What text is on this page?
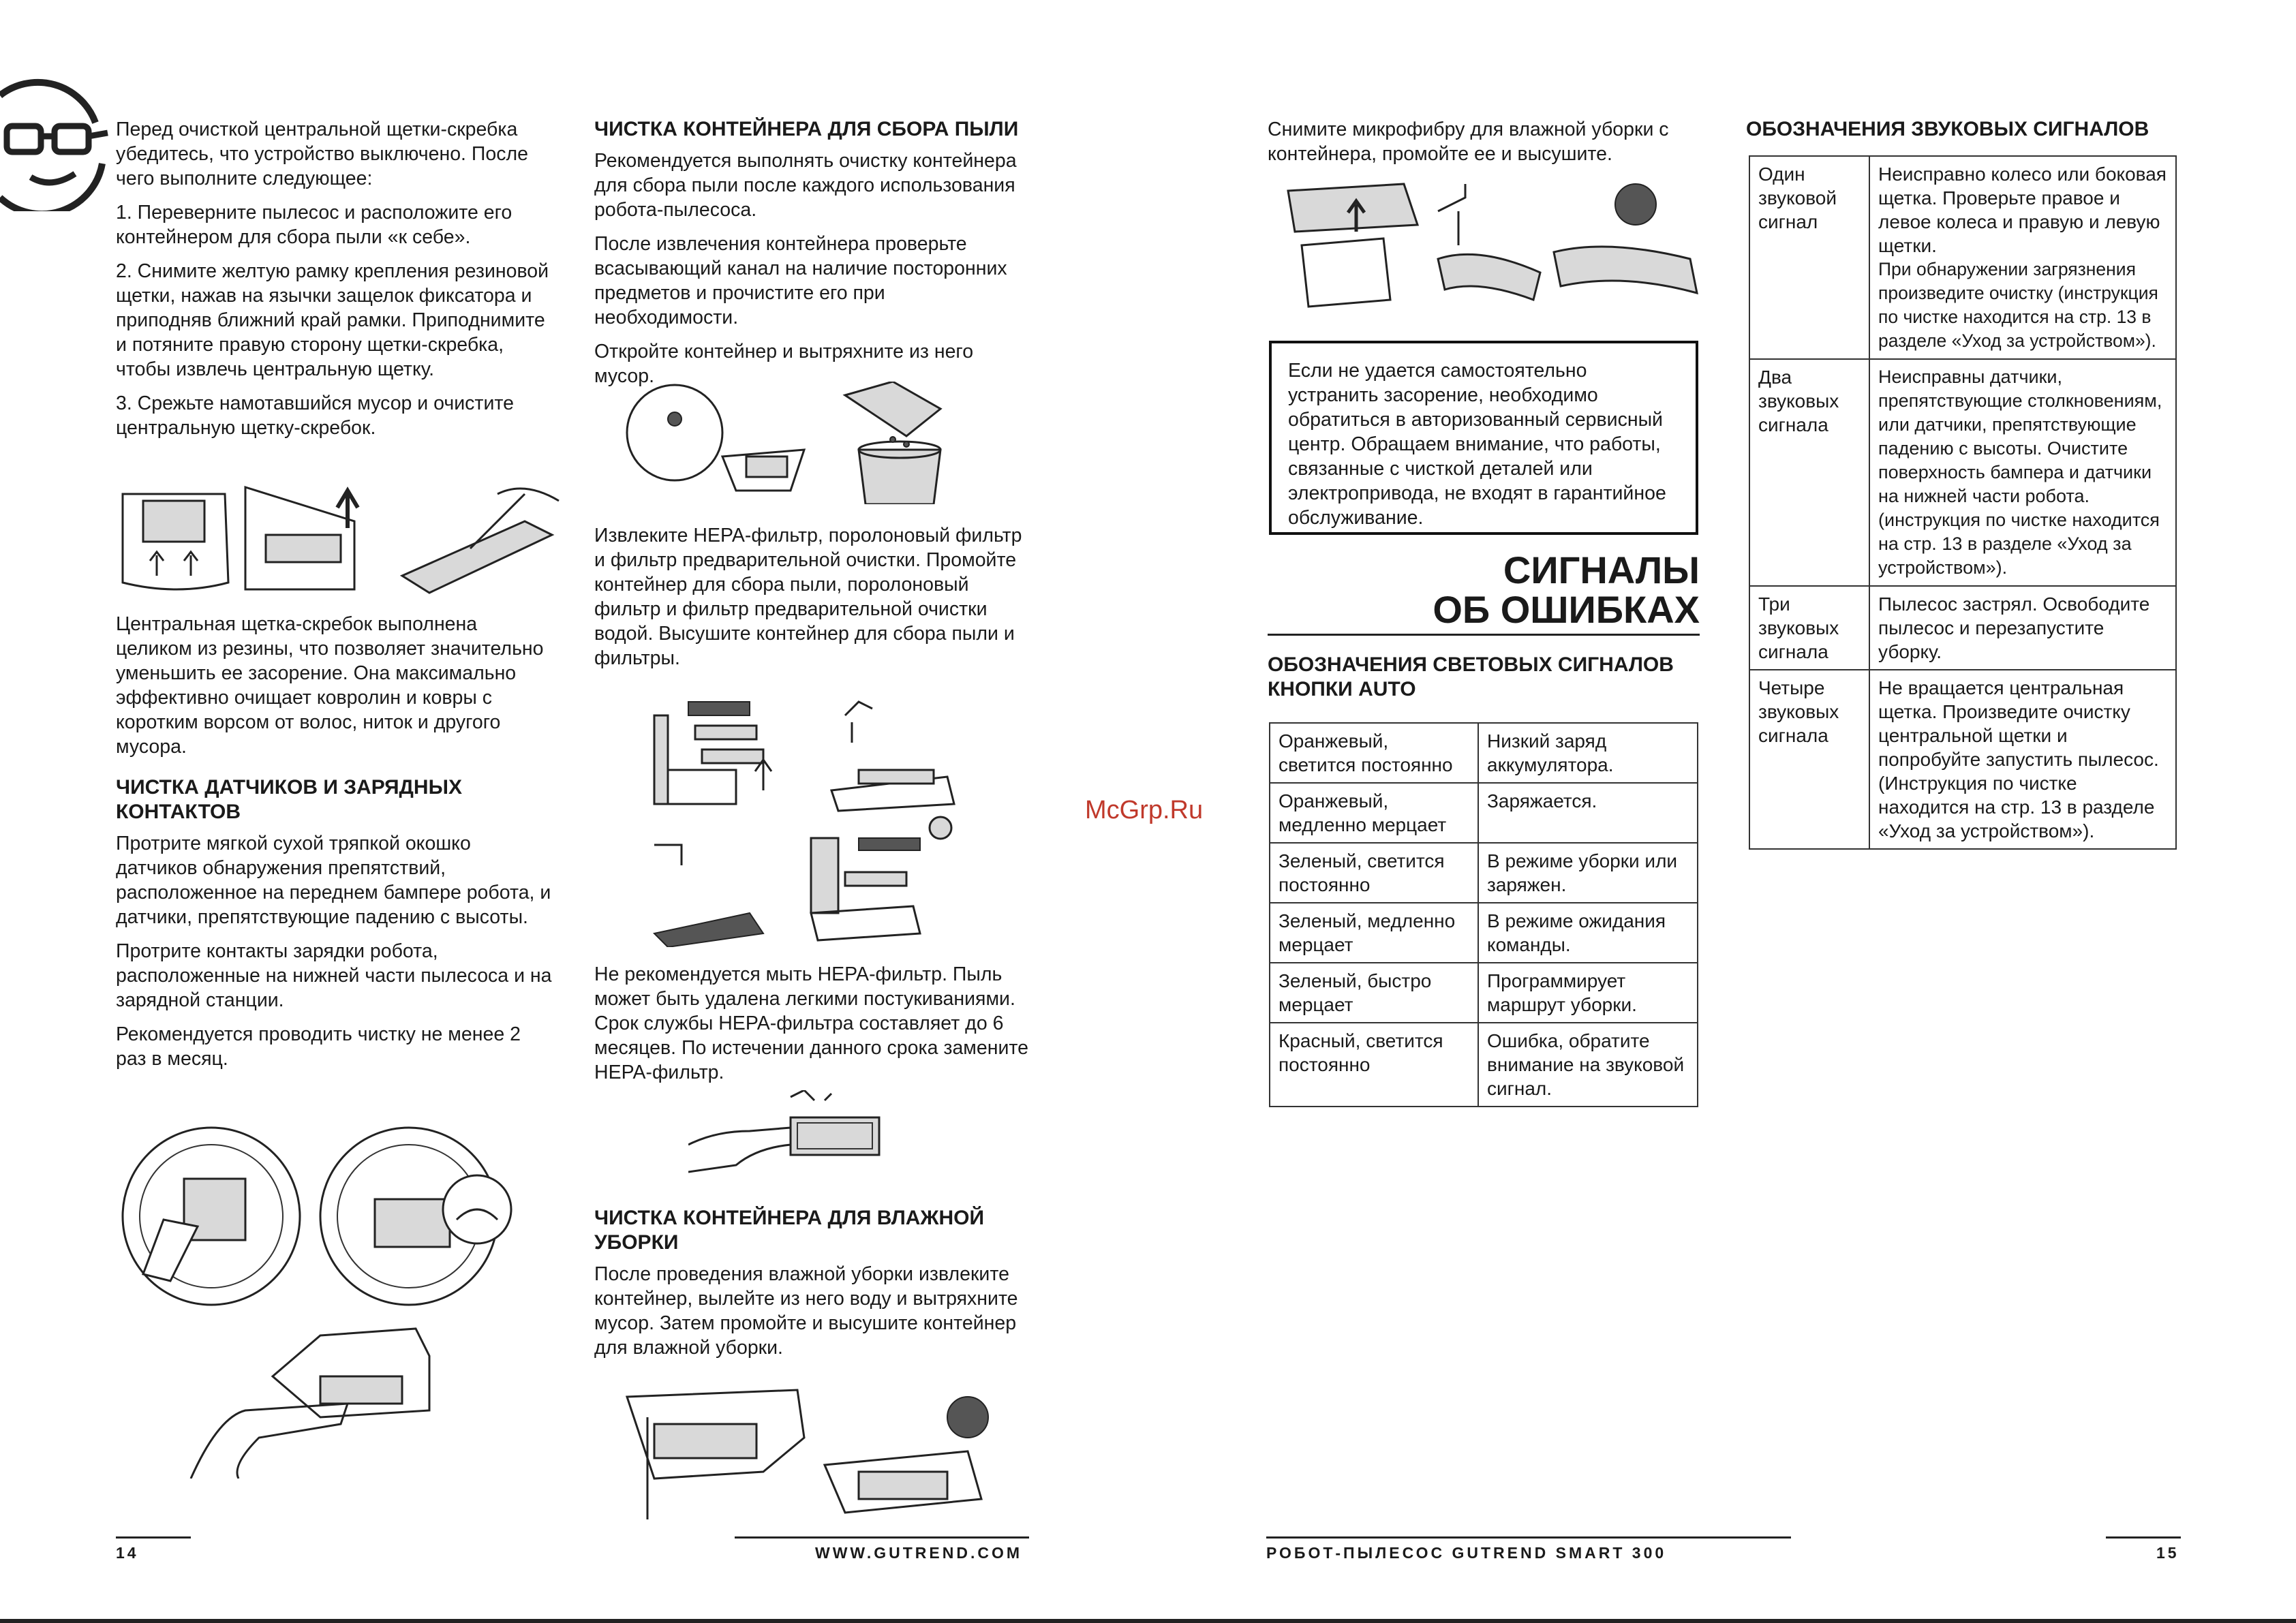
Перед очисткой центральной щетки-скребка убедитесь, что устройство выключено. После чего выполните следующее:

1. Переверните пылесос и расположите его контейнером для сбора пыли «к себе».

2. Снимите желтую рамку крепления резиновой щетки, нажав на язычки защелок фиксатора и приподняв ближний край рамки. Приподнимите и потяните правую сторону щетки-скребка, чтобы извлечь центральную щетку.

3. Срежьте намотавшийся мусор и очистите центральную щетку-скребок.

Центральная щетка-скребок выполнена целиком из резины, что позволяет значительно уменьшить ее засорение. Она максимально эффективно очищает ковролин и ковры с коротким ворсом от волос, ниток и другого мусора.

ЧИСТКА ДАТЧИКОВ И ЗАРЯДНЫХ КОНТАКТОВ

Протрите мягкой сухой тряпкой окошко датчиков обнаружения препятствий, расположенное на переднем бампере робота, и датчики, препятствующие падению с высоты.

Протрите контакты зарядки робота, расположенные на нижней части пылесоса и на зарядной станции.

Рекомендуется проводить чистку не менее 2 раз в месяц.

ЧИСТКА КОНТЕЙНЕРА ДЛЯ СБОРА ПЫЛИ

Рекомендуется выполнять очистку контейнера для сбора пыли после каждого использования робота-пылесоса.

После извлечения контейнера проверьте всасывающий канал на наличие посторонних предметов и прочистите его при необходимости.

Откройте контейнер и вытряхните из него мусор.

Извлеките HEPA-фильтр, поролоновый фильтр и фильтр предварительной очистки. Промойте контейнер для сбора пыли, поролоновый фильтр и фильтр предварительной очистки водой. Высушите контейнер для сбора пыли и фильтры.

Не рекомендуется мыть HEPA-фильтр. Пыль может быть удалена легкими постукиваниями. Срок службы HEPA-фильтра составляет до 6 месяцев. По истечении данного срока замените HEPA-фильтр.

ЧИСТКА КОНТЕЙНЕРА ДЛЯ ВЛАЖНОЙ УБОРКИ

После проведения влажной уборки извлеките контейнер, вылейте из него воду и вытряхните мусор. Затем промойте и высушите контейнер для влажной уборки.

Снимите микрофибру для влажной уборки с контейнера, промойте ее и высушите.

Если не удается самостоятельно устранить засорение, необходимо обратиться в авторизованный сервисный центр. Обращаем внимание, что работы, связанные с чисткой деталей или электропривода, не входят в гарантийное обслуживание.
СИГНАЛЫ
ОБ ОШИБКАХ
ОБОЗНАЧЕНИЯ СВЕТОВЫХ СИГНАЛОВ КНОПКИ AUTO
Оранжевый, светится постоянно	Низкий заряд аккумулятора.
Оранжевый, медленно мерцает	Заряжается.
Зеленый, светится постоянно	В режиме уборки или заряжен.
Зеленый, медленно мерцает	В режиме ожидания команды.
Зеленый, быстро мерцает	Программирует маршрут уборки.
Красный, светится постоянно	Ошибка, обратите внимание на звуковой сигнал.
ОБОЗНАЧЕНИЯ ЗВУКОВЫХ СИГНАЛОВ
Один звуковой сигнал	Неисправно колесо или боковая щетка. Проверьте правое и левое колеса и правую и левую щетки.
При обнаружении загрязнения произведите очистку (инструкция по чистке находится на стр. 13 в разделе «Уход за устройством»).

Два звуковых сигнала	Неисправны датчики, препятствующие столкновениям, или датчики, препятствующие падению с высоты. Очистите поверхность бампера и датчики на нижней части робота. (инструкция по чистке находится на стр. 13 в разделе «Уход за устройством»).
Три звуковых сигнала	Пылесос застрял. Освободите пылесос и перезапустите уборку.
Четыре звуковых сигнала	Не вращается центральная щетка. Произведите очистку центральной щетки и попробуйте запустить пылесос. (Инструкция по чистке находится на стр. 13 в разделе «Уход за устройством»).
McGrp.Ru
14	WWW.GUTREND.COM	РОБОТ-ПЫЛЕСОС GUTREND SMART 300	15
